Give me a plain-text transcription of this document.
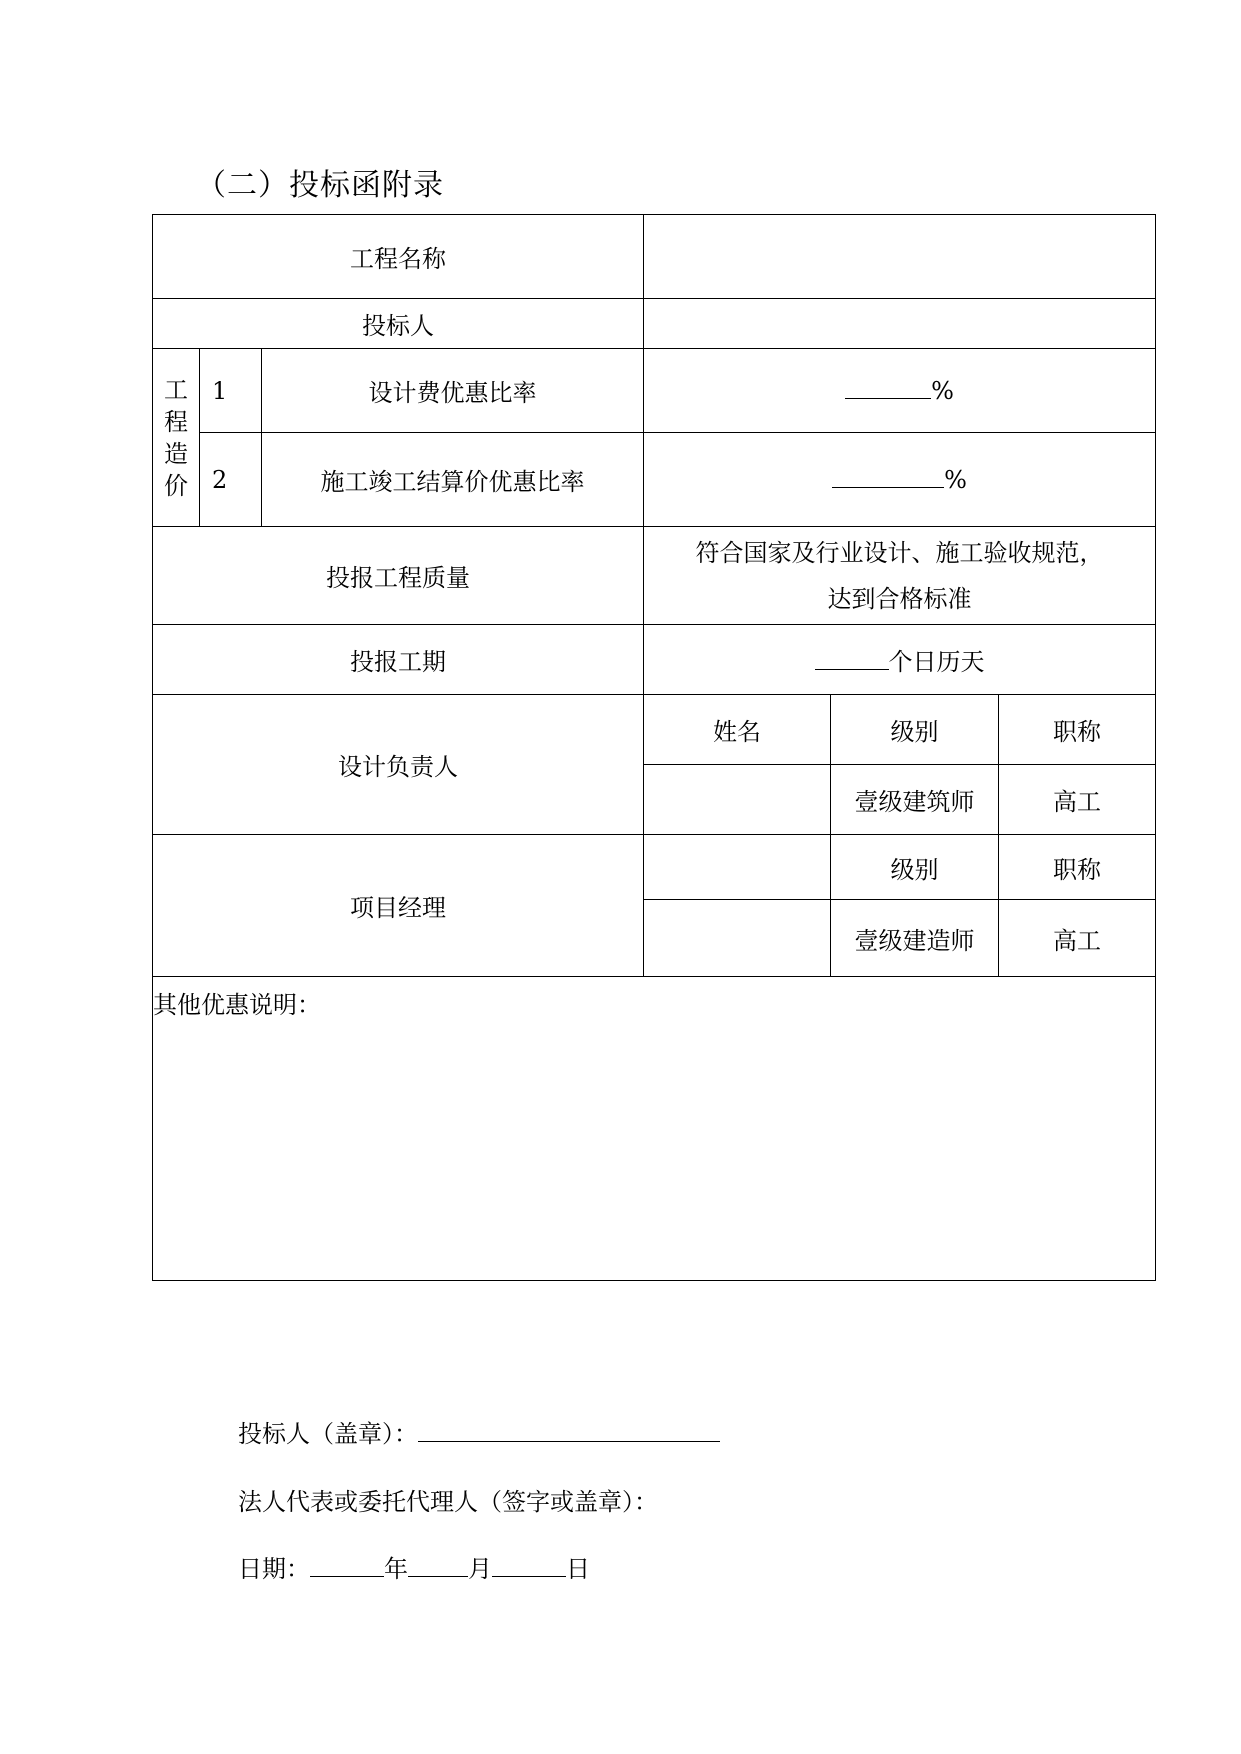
（二）投标函附录
工程名称					
投标人					

工
程
造
价	1	设计费优惠比率	%		
	2	施工竣工结算价优惠比率	%		
投报工程质量			符合国家及行业设计、施工验收规范，
达到合格标准		

投报工期			个日历天		
设计负责人			姓名	级别	职称
				壹级建筑师	高工
项目经理				级别	职称
				壹级建造师	高工
其他优惠说明：					
投标人（盖章）：
法人代表或委托代理人（签字或盖章）：
日期：	年	月	日
